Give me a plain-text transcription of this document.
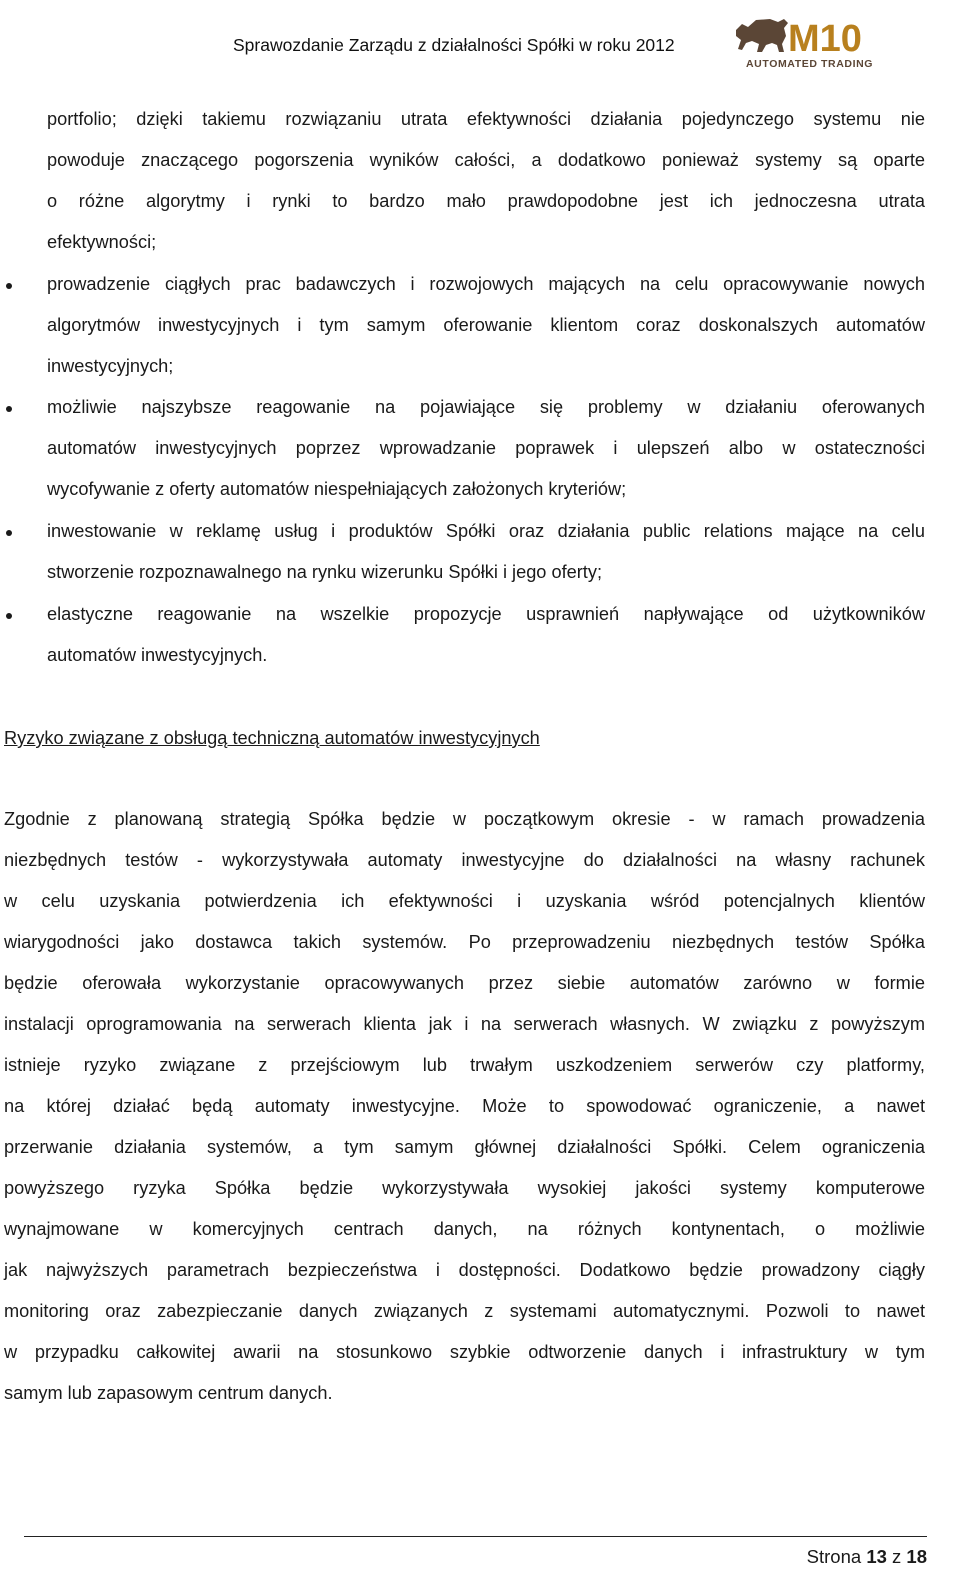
Sprawozdanie Zarządu z działalności Spółki w roku 2012	M10
AUTOMATED TRADING
portfolio; dzięki takiemu rozwiązaniu utrata efektywności działania pojedynczego systemu nie
powoduje znaczącego pogorszenia wyników całości, a dodatkowo ponieważ systemy są oparte
o różne algorytmy i rynki to bardzo mało prawdopodobne jest ich jednoczesna utrata
efektywności;
prowadzenie ciągłych prac badawczych i rozwojowych mających na celu opracowywanie nowych
algorytmów inwestycyjnych i tym samym oferowanie klientom coraz doskonalszych automatów
inwestycyjnych;
możliwie najszybsze reagowanie na pojawiające się problemy w działaniu oferowanych
automatów inwestycyjnych poprzez wprowadzanie poprawek i ulepszeń albo w ostateczności
wycofywanie z oferty automatów niespełniających założonych kryteriów;
inwestowanie w reklamę usług i produktów Spółki oraz działania public relations mające na celu
stworzenie rozpoznawalnego na rynku wizerunku Spółki i jego oferty;
elastyczne reagowanie na wszelkie propozycje usprawnień napływające od użytkowników
automatów inwestycyjnych.
Ryzyko związane z obsługą techniczną automatów inwestycyjnych
Zgodnie z planowaną strategią Spółka będzie w początkowym okresie - w ramach prowadzenia
niezbędnych testów - wykorzystywała automaty inwestycyjne do działalności na własny rachunek
w celu uzyskania potwierdzenia ich efektywności i uzyskania wśród potencjalnych klientów
wiarygodności jako dostawca takich systemów. Po przeprowadzeniu niezbędnych testów Spółka
będzie oferowała wykorzystanie opracowywanych przez siebie automatów zarówno w formie
instalacji oprogramowania na serwerach klienta jak i na serwerach własnych. W związku z powyższym
istnieje ryzyko związane z przejściowym lub trwałym uszkodzeniem serwerów czy platformy,
na której działać będą automaty inwestycyjne. Może to spowodować ograniczenie, a nawet
przerwanie działania systemów, a tym samym głównej działalności Spółki. Celem ograniczenia
powyższego ryzyka Spółka będzie wykorzystywała wysokiej jakości systemy komputerowe
wynajmowane w komercyjnych centrach danych, na różnych kontynentach, o możliwie
jak najwyższych parametrach bezpieczeństwa i dostępności. Dodatkowo będzie prowadzony ciągły
monitoring oraz zabezpieczanie danych związanych z systemami automatycznymi. Pozwoli to nawet
w przypadku całkowitej awarii na stosunkowo szybkie odtworzenie danych i infrastruktury w tym
samym lub zapasowym centrum danych.
Strona 13 z 18
